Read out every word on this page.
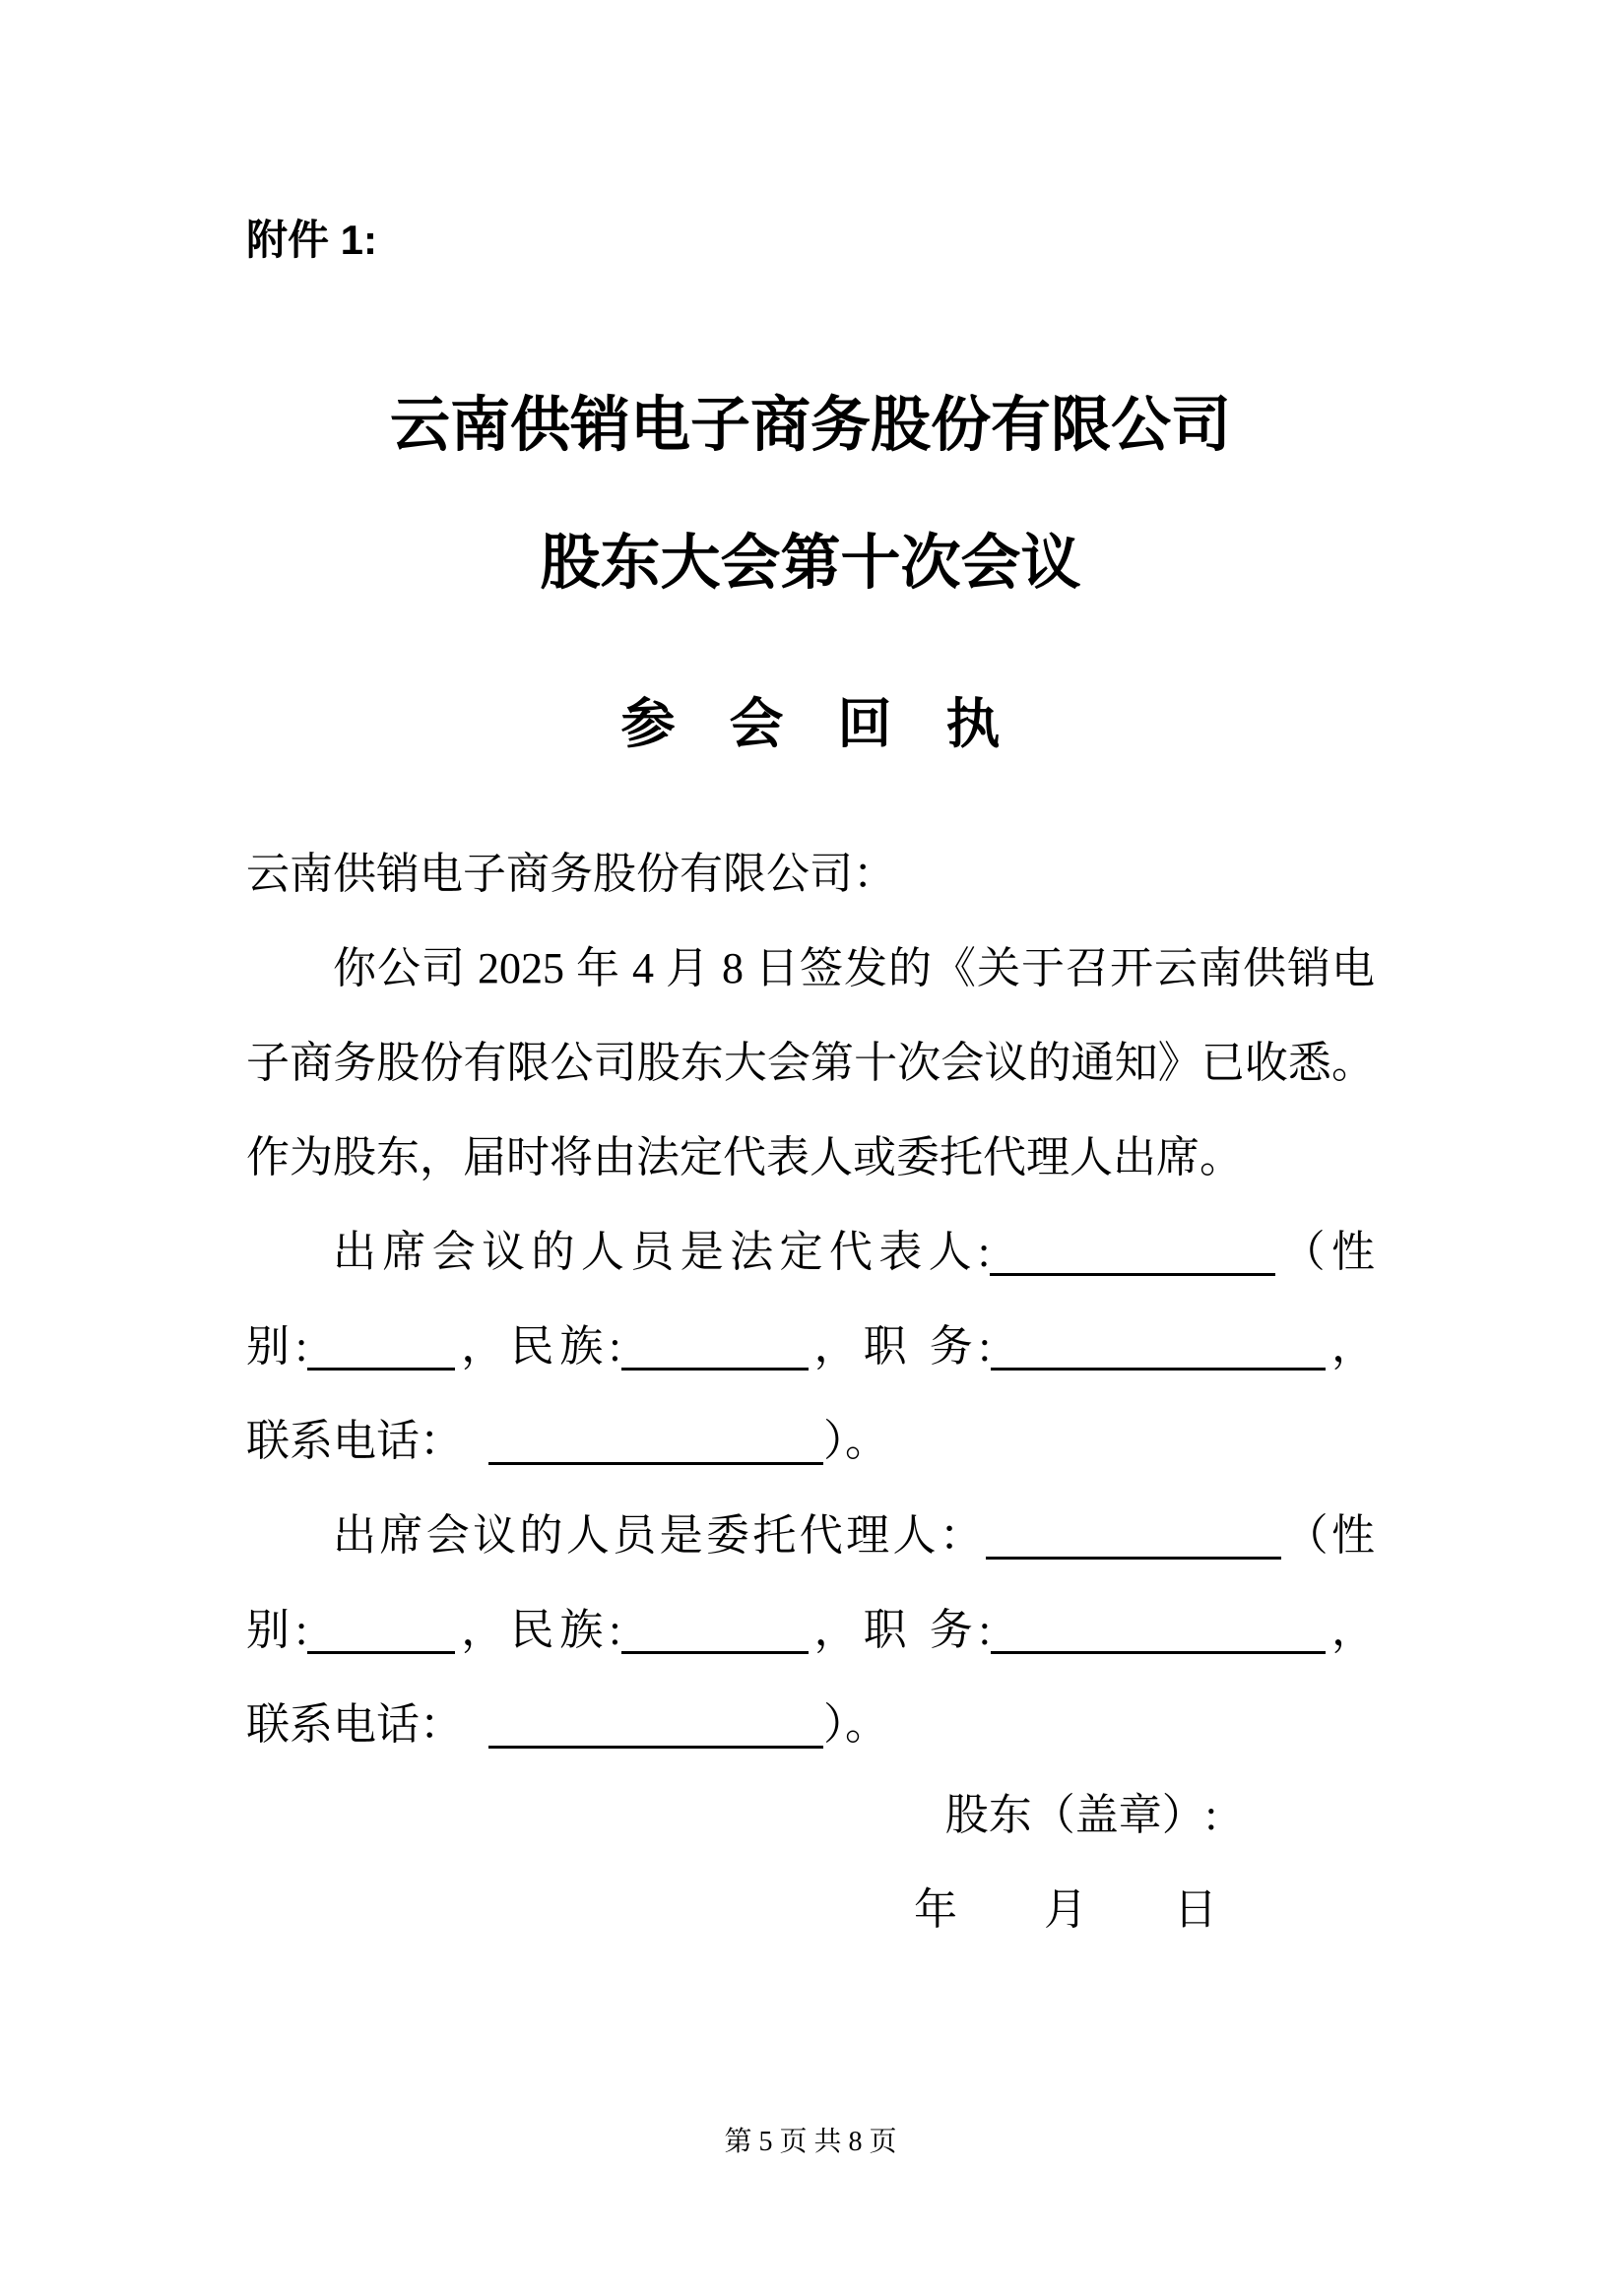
附件 1:
云南供销电子商务股份有限公司
股东大会第十次会议
参　会　回　执
云南供销电子商务股份有限公司：
你公司 2025 年 4 月 8 日签发的《关于召开云南供销电
子商务股份有限公司股东大会第十次会议的通知》已收悉。
作为股东，届时将由法定代表人或委托代理人出席。
出席会议的人员是法定代表人:	（性
别:	，民族:	，职 务:	，
联系电话：	）。
出席会议的人员是委托代理人：	（性
别:	，民族:	，职 务:	，
联系电话：	）。
股东（盖章）:
年　　月　　日
第 5 页 共 8 页
